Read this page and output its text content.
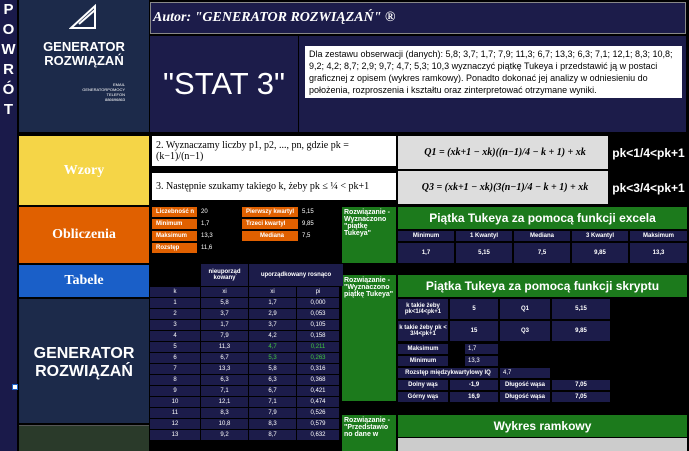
P
O
W
R
Ó
T
GENERATOR
ROZWIĄZAŃ
EMAIL
GENERATORPOMOCY
TELEFON
886696863
Autor: "GENERATOR ROZWIĄZAŃ" ®
"STAT 3"
Dla zestawu obserwacji (danych): 5,8; 3,7; 1,7; 7,9; 11,3; 6,7; 13,3; 6,3; 7,1; 12,1; 8,3; 10,8; 9,2; 4,2; 8,7; 2,9; 9,7; 4,7; 5,3; 10,3 wyznaczyć piątkę Tukeya i przedstawić ją w postaci graficznej z opisem (wykres ramkowy). Ponadto dokonać jej analizy w odniesieniu do położenia, rozproszenia i kształtu oraz zinterpretować otrzymane wyniki.
Wzory
Obliczenia
Tabele
GENERATOR
ROZWIĄZAŃ
2. Wyznaczamy liczby p1, p2, ..., pn, gdzie pk = (k−1)/(n−1)
3. Następnie szukamy takiego k, żeby pk ≤ ¼ < pk+1
Q1 = (xk+1 − xk)((n−1)/4 − k + 1) + xk
Q3 = (xk+1 − xk)(3(n−1)/4 − k + 1) + xk
pk<1/4<pk+1
pk<3/4<pk+1
Liczebność n	20
Minimum	1,7
Maksimum	13,3
Rozstęp	11,6
Pierwszy kwartyl	5,15
Trzeci kwartyl	9,85
Mediana	7,5
Rozwiązanie - Wyznaczono "piątkę Tukeya"
Piątka Tukeya za pomocą funkcji excela
Minimum	1 Kwantyl	Mediana	3 Kwantyl	Maksimum
1,7	5,15	7,5	9,85	13,3
Rozwiązanie - "Wyznaczono piątkę Tukeya"
Piątka Tukeya za pomocą funkcji skryptu
k takie żeby pk<1/4<pk+1	5	Q1	5,15
k takie żeby pk < 3/4<pk+1	15	Q3	9,85
Maksimum	1,7
Minimum	13,3
Rozstęp międzykwartylowy IQ	4,7
Dolny wąs	-1,9	Długość wąsa	7,05
Górny wąs	16,9	Długość wąsa	7,05
Rozwiązanie - "Przedstawio no dane w
Wykres ramkowy
nieuporząd kowany	uporządkowany rosnąco
k	xi	xi	pi
1	5,8	1,7	0,000
2	3,7	2,9	0,053
3	1,7	3,7	0,105
4	7,9	4,2	0,158
5	11,3	4,7	0,211
6	6,7	5,3	0,263
7	13,3	5,8	0,316
8	6,3	6,3	0,368
9	7,1	6,7	0,421
10	12,1	7,1	0,474
11	8,3	7,9	0,526
12	10,8	8,3	0,579
13	9,2	8,7	0,632
